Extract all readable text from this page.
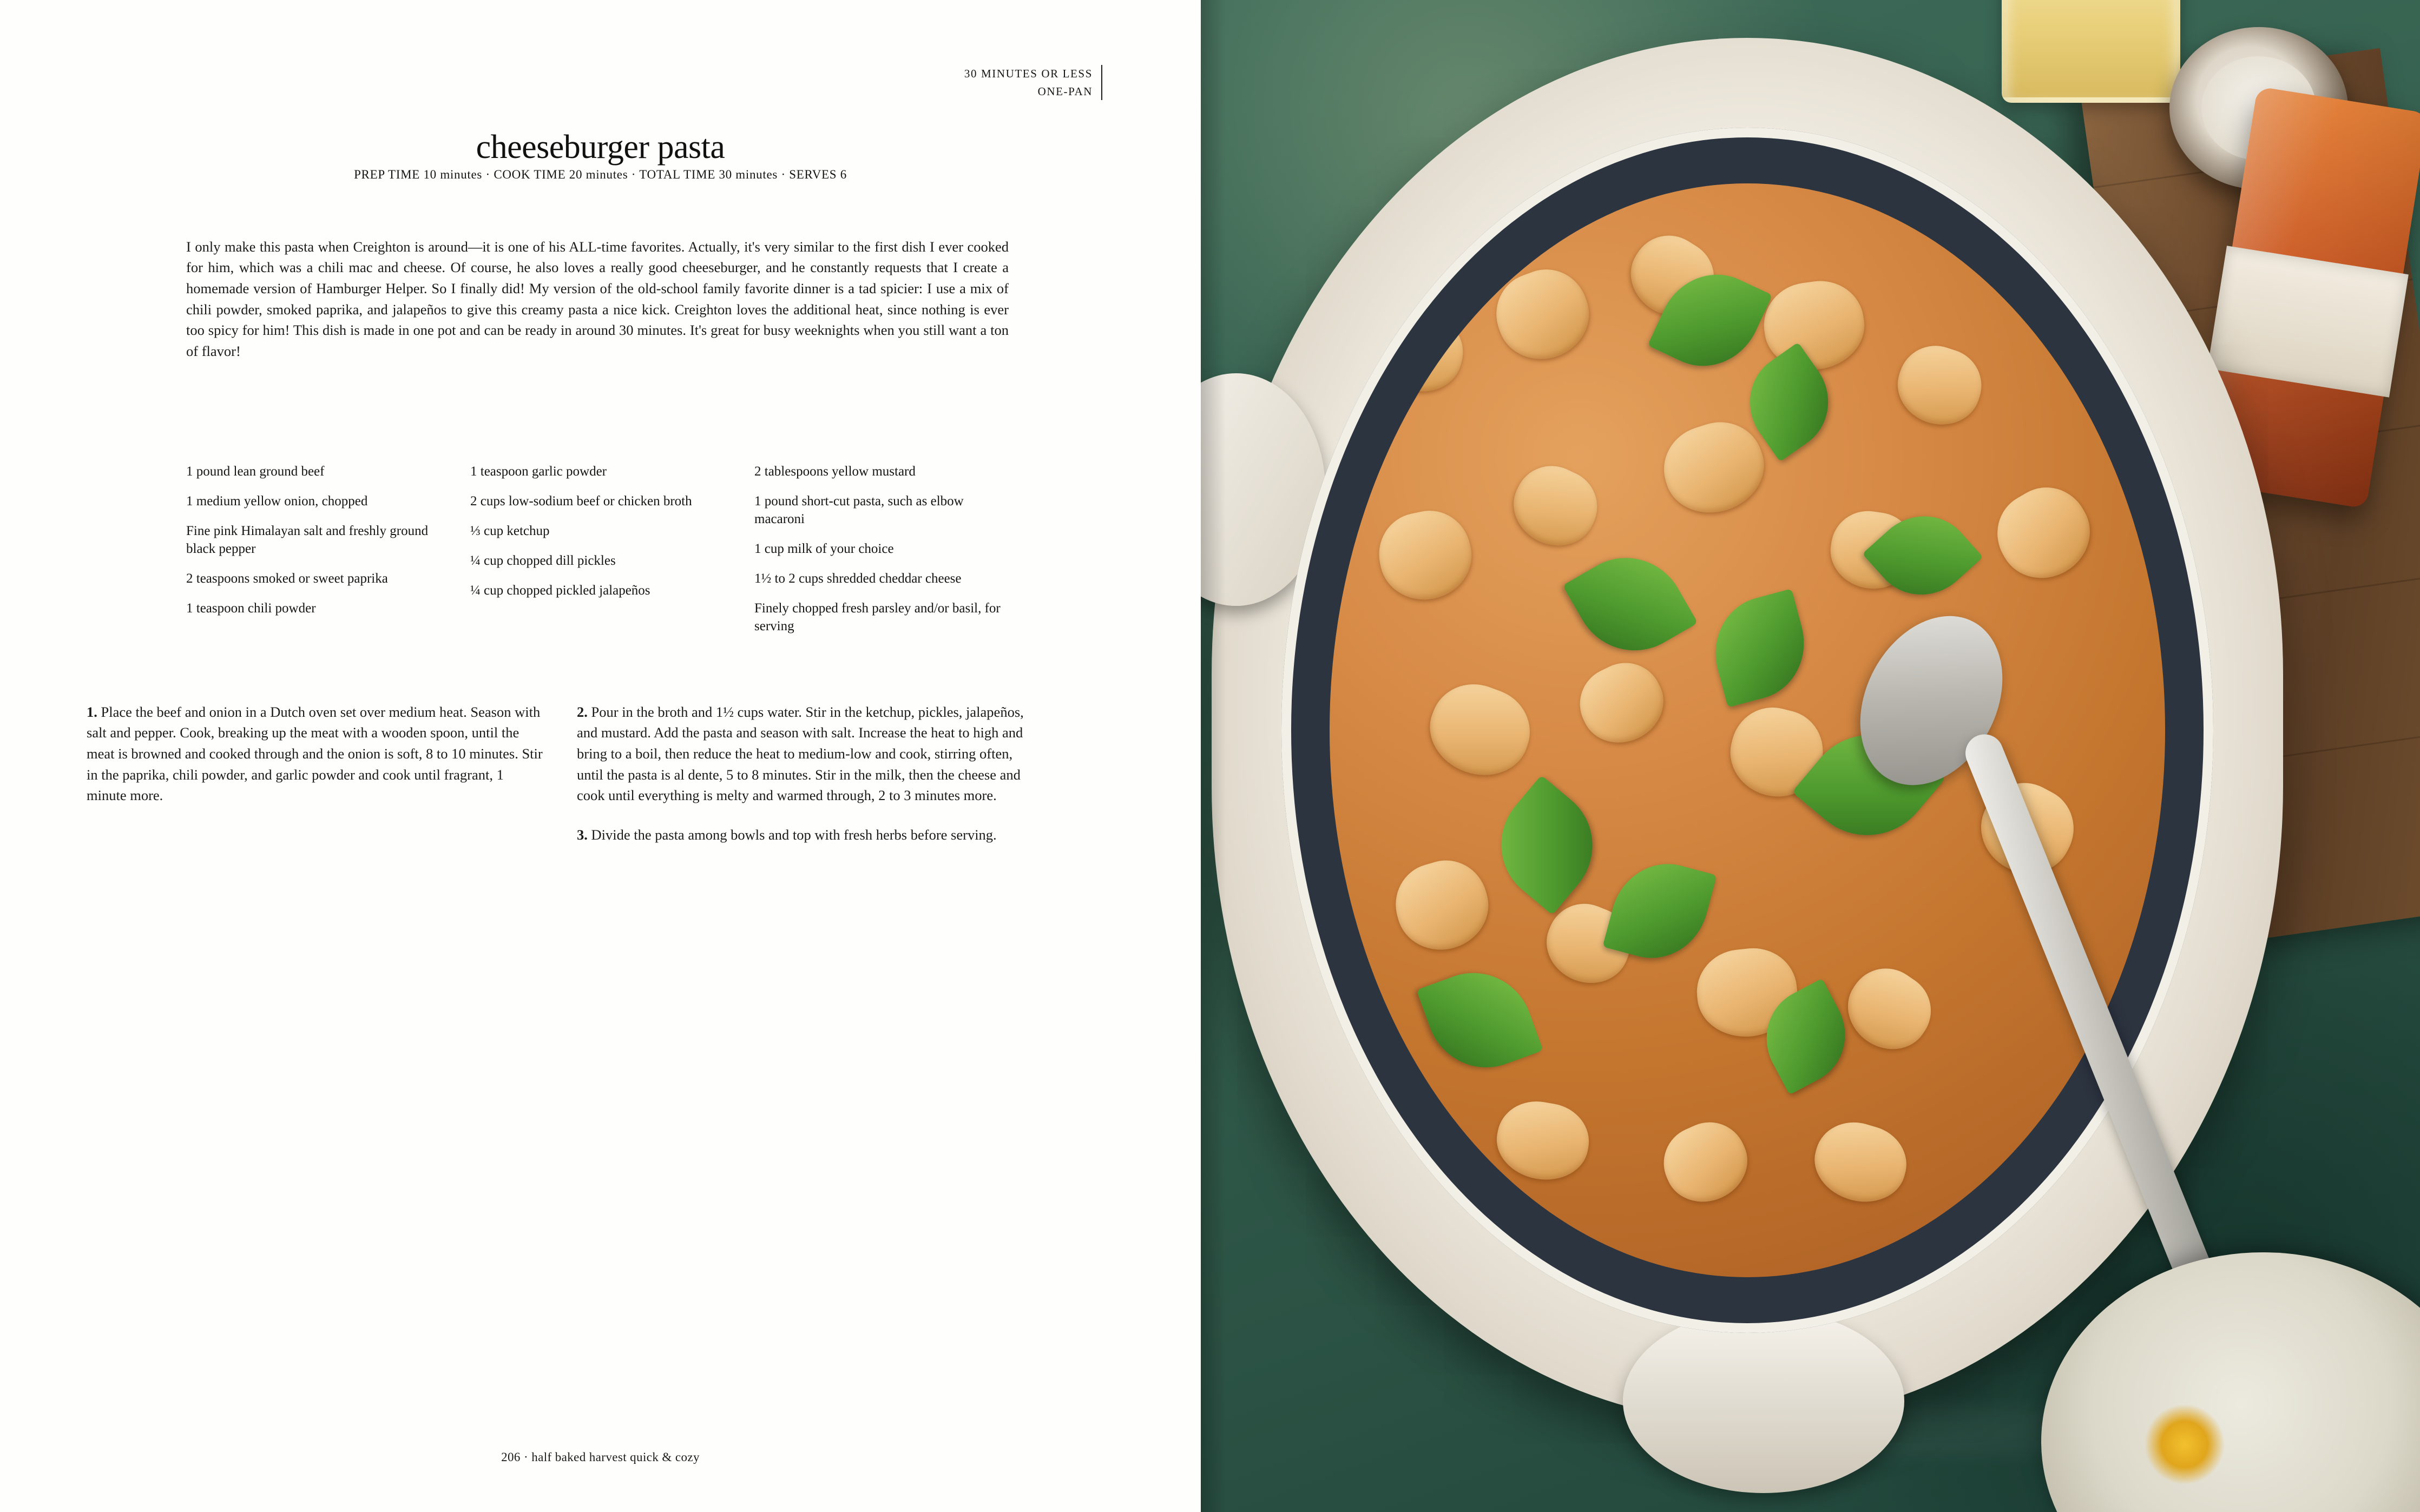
30 MINUTES OR LESS
ONE-PAN
cheeseburger pasta
PREP TIME 10 minutes · COOK TIME 20 minutes · TOTAL TIME 30 minutes · SERVES 6

I only make this pasta when Creighton is around—it is one of his ALL-time favorites. Actually, it's very similar to the first dish I ever cooked for him, which was a chili mac and cheese. Of course, he also loves a really good cheeseburger, and he constantly requests that I create a homemade version of Hamburger Helper. So I finally did! My version of the old-school family favorite dinner is a tad spicier: I use a mix of chili powder, smoked paprika, and jalapeños to give this creamy pasta a nice kick. Creighton loves the additional heat, since nothing is ever too spicy for him! This dish is made in one pot and can be ready in around 30 minutes. It's great for busy weeknights when you still want a ton of flavor!

1 pound lean ground beef
1 medium yellow onion, chopped
Fine pink Himalayan salt and freshly ground black pepper
2 teaspoons smoked or sweet paprika
1 teaspoon chili powder
1 teaspoon garlic powder
2 cups low-sodium beef or chicken broth
⅓ cup ketchup
¼ cup chopped dill pickles
¼ cup chopped pickled jalapeños
2 tablespoons yellow mustard
1 pound short-cut pasta, such as elbow macaroni
1 cup milk of your choice
1½ to 2 cups shredded cheddar cheese
Finely chopped fresh parsley and/or basil, for serving

1. Place the beef and onion in a Dutch oven set over medium heat. Season with salt and pepper. Cook, breaking up the meat with a wooden spoon, until the meat is browned and cooked through and the onion is soft, 8 to 10 minutes. Stir in the paprika, chili powder, and garlic powder and cook until fragrant, 1 minute more.

2. Pour in the broth and 1½ cups water. Stir in the ketchup, pickles, jalapeños, and mustard. Add the pasta and season with salt. Increase the heat to high and bring to a boil, then reduce the heat to medium-low and cook, stirring often, until the pasta is al dente, 5 to 8 minutes. Stir in the milk, then the cheese and cook until everything is melty and warmed through, 2 to 3 minutes more.

3. Divide the pasta among bowls and top with fresh herbs before serving.

206 · half baked harvest quick & cozy
